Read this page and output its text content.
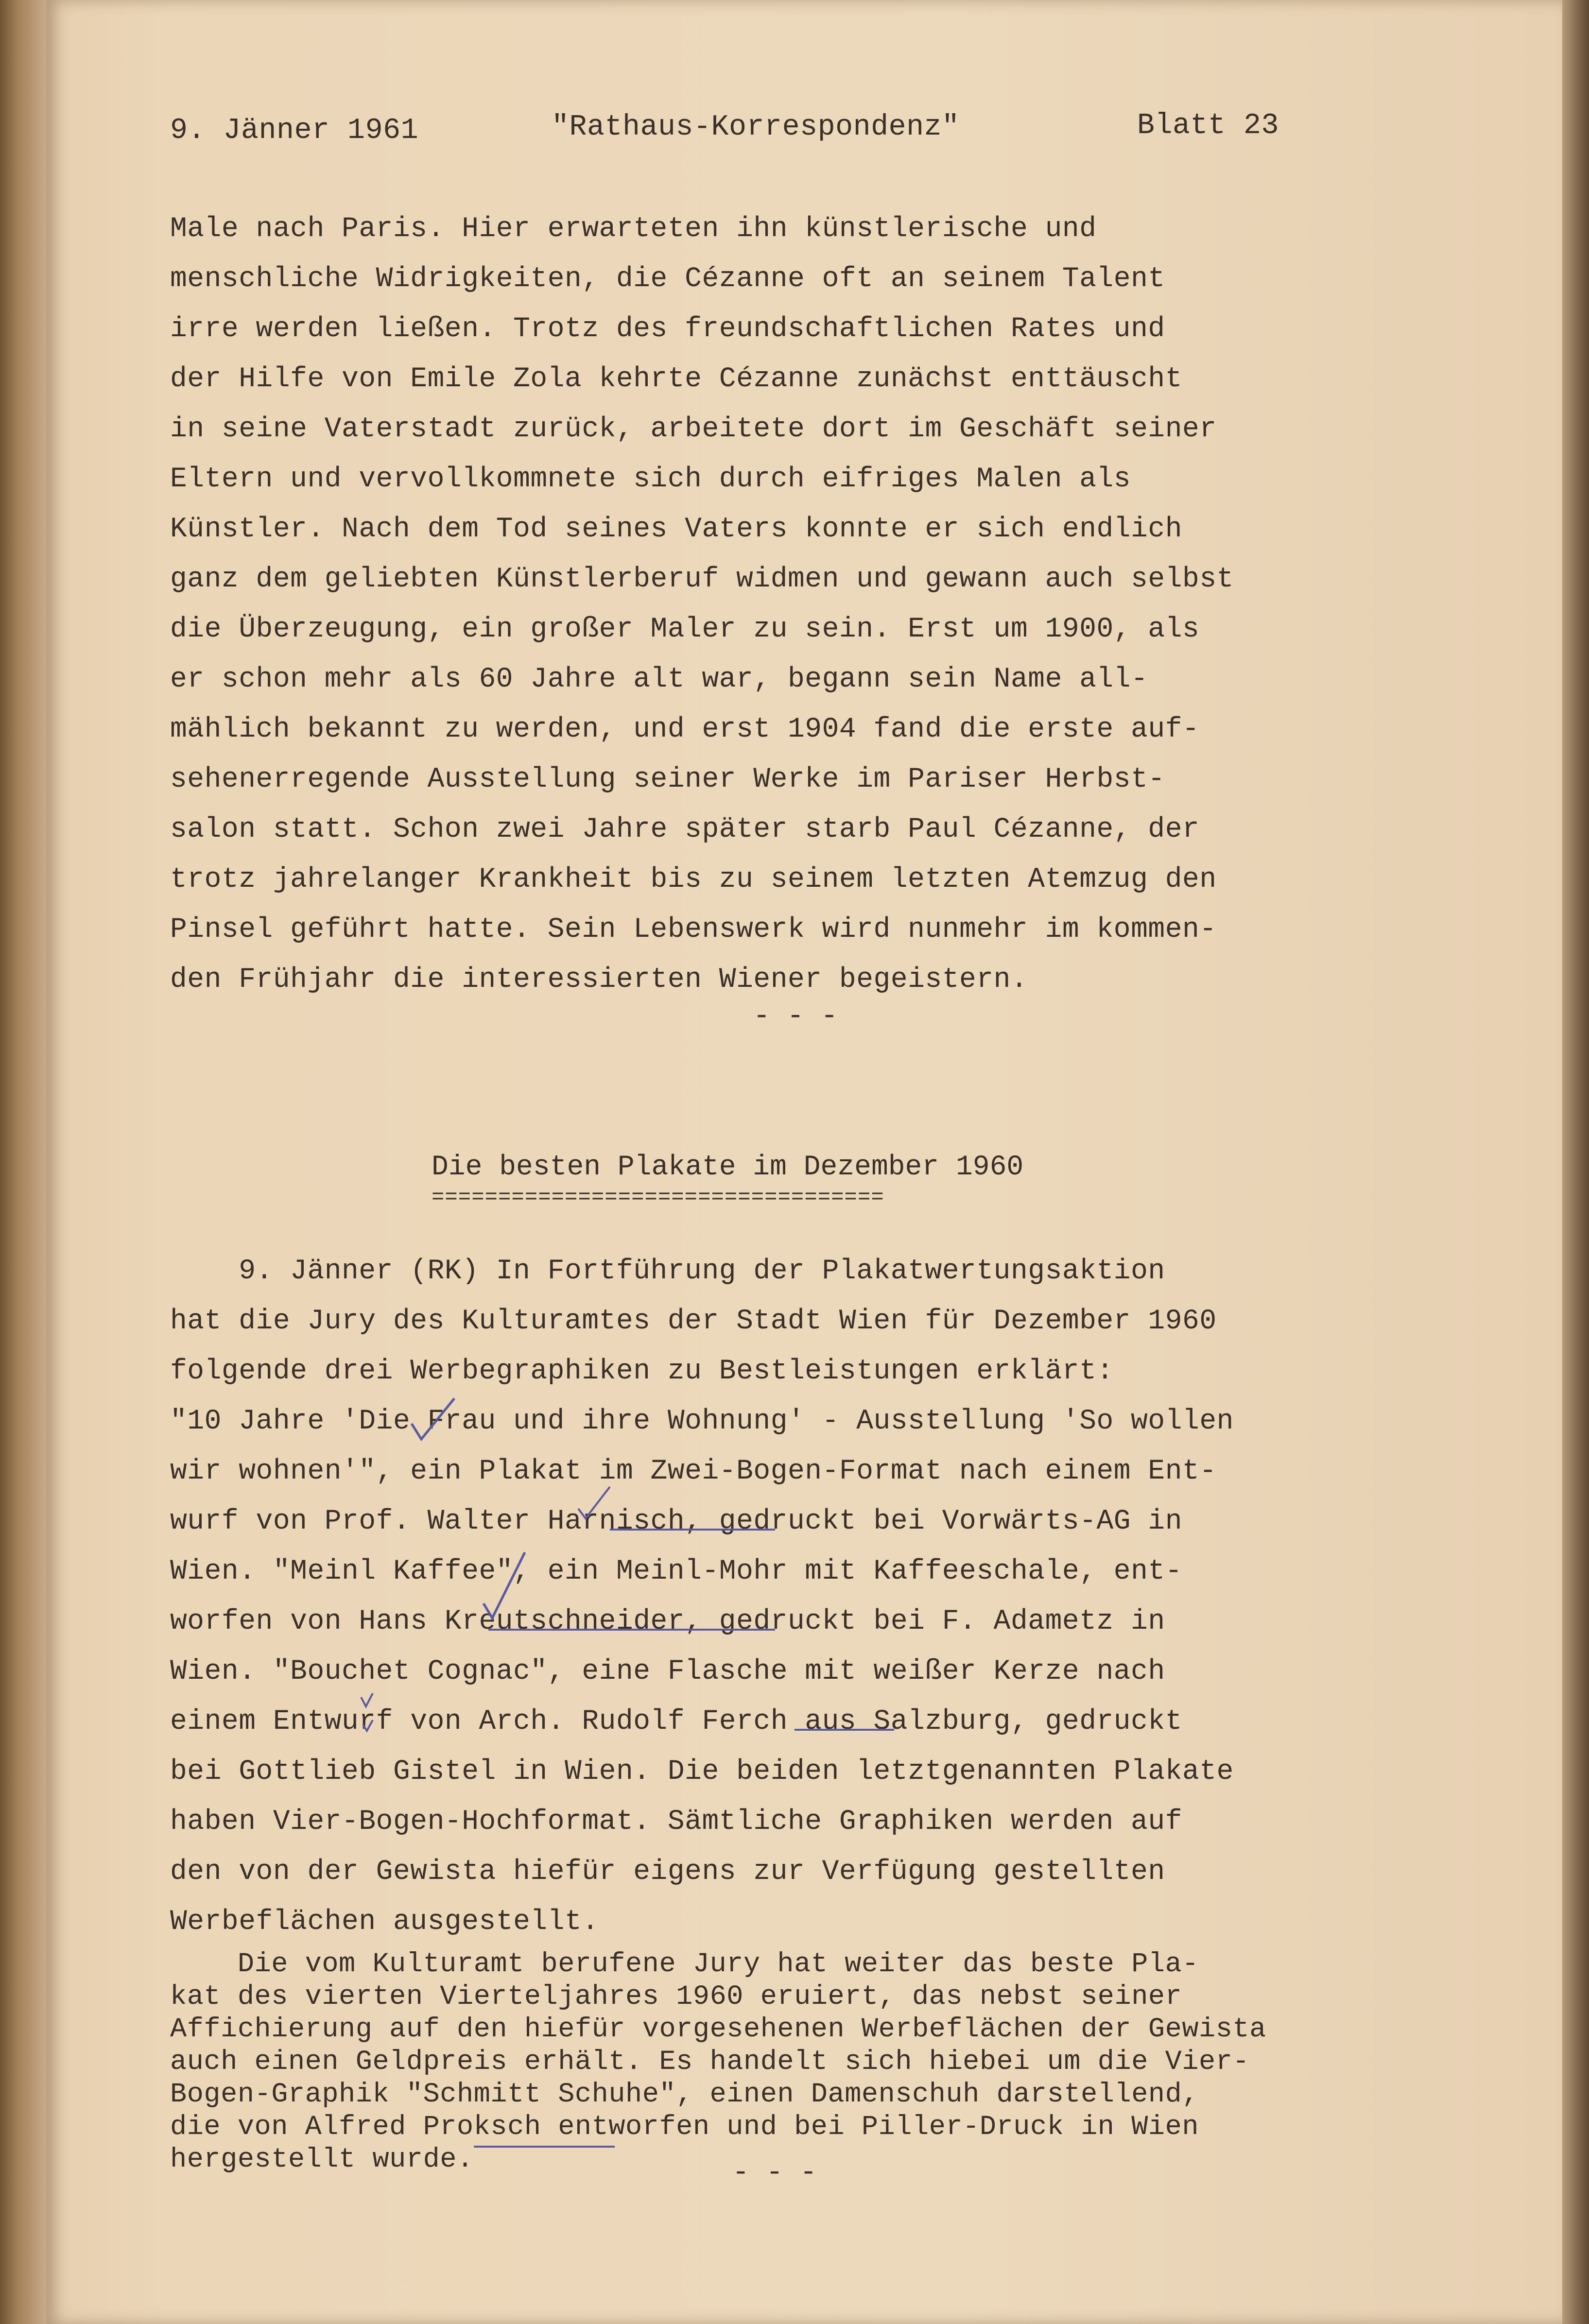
9. Jänner 1961	"Rathaus-Korrespondenz"	Blatt 23
Male nach Paris. Hier erwarteten ihn künstlerische und
menschliche Widrigkeiten, die Cézanne oft an seinem Talent
irre werden ließen. Trotz des freundschaftlichen Rates und
der Hilfe von Emile Zola kehrte Cézanne zunächst enttäuscht
in seine Vaterstadt zurück, arbeitete dort im Geschäft seiner
Eltern und vervollkommnete sich durch eifriges Malen als
Künstler. Nach dem Tod seines Vaters konnte er sich endlich
ganz dem geliebten Künstlerberuf widmen und gewann auch selbst
die Überzeugung, ein großer Maler zu sein. Erst um 1900, als
er schon mehr als 60 Jahre alt war, begann sein Name all-
mählich bekannt zu werden, und erst 1904 fand die erste auf-
sehenerregende Ausstellung seiner Werke im Pariser Herbst-
salon statt. Schon zwei Jahre später starb Paul Cézanne, der
trotz jahrelanger Krankheit bis zu seinem letzten Atemzug den
Pinsel geführt hatte. Sein Lebenswerk wird nunmehr im kommen-
den Frühjahr die interessierten Wiener begeistern.
- - -
Die besten Plakate im Dezember 1960
==================================
9. Jänner (RK) In Fortführung der Plakatwertungsaktion
hat die Jury des Kulturamtes der Stadt Wien für Dezember 1960
folgende drei Werbegraphiken zu Bestleistungen erklärt:
"10 Jahre 'Die Frau und ihre Wohnung' - Ausstellung 'So wollen
wir wohnen'", ein Plakat im Zwei-Bogen-Format nach einem Ent-
wurf von Prof. Walter Harnisch, gedruckt bei Vorwärts-AG in
Wien. "Meinl Kaffee", ein Meinl-Mohr mit Kaffeeschale, ent-
worfen von Hans Kreutschneider, gedruckt bei F. Adametz in
Wien. "Bouchet Cognac", eine Flasche mit weißer Kerze nach
einem Entwurf von Arch. Rudolf Ferch aus Salzburg, gedruckt
bei Gottlieb Gistel in Wien. Die beiden letztgenannten Plakate
haben Vier-Bogen-Hochformat. Sämtliche Graphiken werden auf
den von der Gewista hiefür eigens zur Verfügung gestellten
Werbeflächen ausgestellt.
Die vom Kulturamt berufene Jury hat weiter das beste Pla-
kat des vierten Vierteljahres 1960 eruiert, das nebst seiner
Affichierung auf den hiefür vorgesehenen Werbeflächen der Gewista
auch einen Geldpreis erhält. Es handelt sich hiebei um die Vier-
Bogen-Graphik "Schmitt Schuhe", einen Damenschuh darstellend,
die von Alfred Proksch entworfen und bei Piller-Druck in Wien
hergestellt wurde.	- - -
